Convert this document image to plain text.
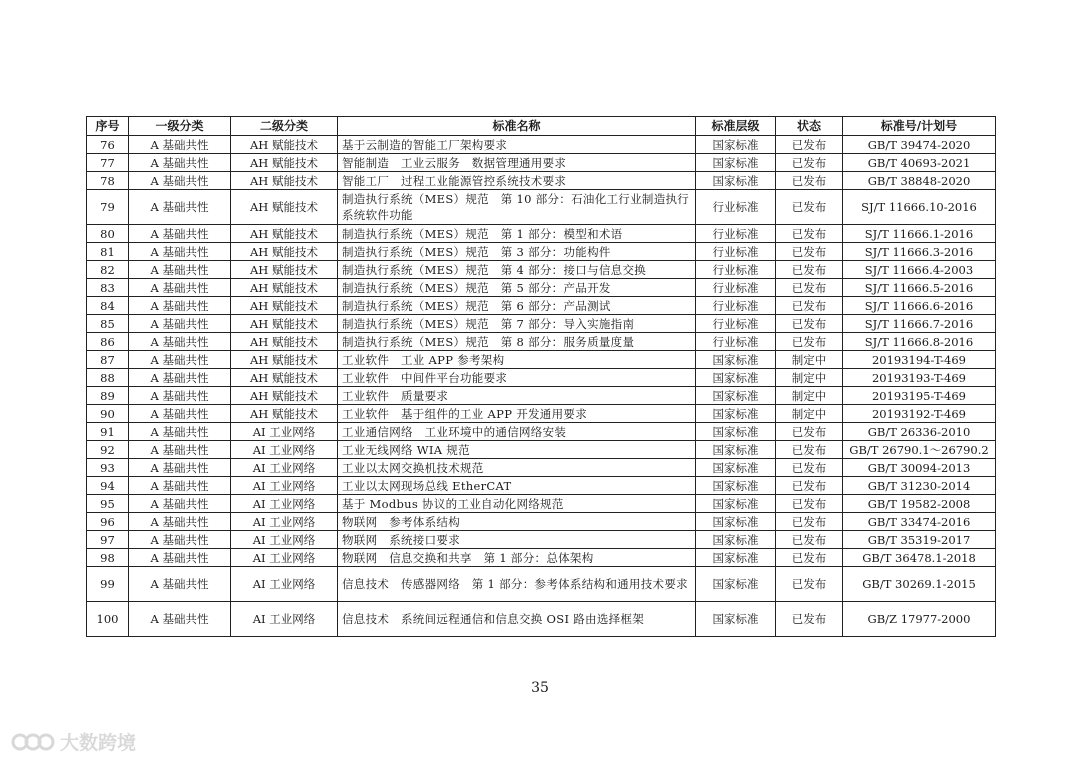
序号	一级分类	二级分类	标准名称	标准层级	状态	标准号/计划号
76	A 基础共性	AH 赋能技术	基于云制造的智能工厂架构要求	国家标准	已发布	GB/T 39474-2020
77	A 基础共性	AH 赋能技术	智能制造　工业云服务　数据管理通用要求	国家标准	已发布	GB/T 40693-2021
78	A 基础共性	AH 赋能技术	智能工厂　过程工业能源管控系统技术要求	国家标准	已发布	GB/T 38848-2020
79	A 基础共性	AH 赋能技术	制造执行系统（MES）规范　第 10 部分：石油化工行业制造执行系统软件功能	行业标准	已发布	SJ/T 11666.10-2016
80	A 基础共性	AH 赋能技术	制造执行系统（MES）规范　第 1 部分：模型和术语	行业标准	已发布	SJ/T 11666.1-2016
81	A 基础共性	AH 赋能技术	制造执行系统（MES）规范　第 3 部分：功能构件	行业标准	已发布	SJ/T 11666.3-2016
82	A 基础共性	AH 赋能技术	制造执行系统（MES）规范　第 4 部分：接口与信息交换	行业标准	已发布	SJ/T 11666.4-2003
83	A 基础共性	AH 赋能技术	制造执行系统（MES）规范　第 5 部分：产品开发	行业标准	已发布	SJ/T 11666.5-2016
84	A 基础共性	AH 赋能技术	制造执行系统（MES）规范　第 6 部分：产品测试	行业标准	已发布	SJ/T 11666.6-2016
85	A 基础共性	AH 赋能技术	制造执行系统（MES）规范　第 7 部分：导入实施指南	行业标准	已发布	SJ/T 11666.7-2016
86	A 基础共性	AH 赋能技术	制造执行系统（MES）规范　第 8 部分：服务质量度量	行业标准	已发布	SJ/T 11666.8-2016
87	A 基础共性	AH 赋能技术	工业软件　工业 APP 参考架构	国家标准	制定中	20193194-T-469
88	A 基础共性	AH 赋能技术	工业软件　中间件平台功能要求	国家标准	制定中	20193193-T-469
89	A 基础共性	AH 赋能技术	工业软件　质量要求	国家标准	制定中	20193195-T-469
90	A 基础共性	AH 赋能技术	工业软件　基于组件的工业 APP 开发通用要求	国家标准	制定中	20193192-T-469
91	A 基础共性	AI 工业网络	工业通信网络　工业环境中的通信网络安装	国家标准	已发布	GB/T 26336-2010
92	A 基础共性	AI 工业网络	工业无线网络 WIA 规范	国家标准	已发布	GB/T 26790.1～26790.2
93	A 基础共性	AI 工业网络	工业以太网交换机技术规范	国家标准	已发布	GB/T 30094-2013
94	A 基础共性	AI 工业网络	工业以太网现场总线 EtherCAT	国家标准	已发布	GB/T 31230-2014
95	A 基础共性	AI 工业网络	基于 Modbus 协议的工业自动化网络规范	国家标准	已发布	GB/T 19582-2008
96	A 基础共性	AI 工业网络	物联网　参考体系结构	国家标准	已发布	GB/T 33474-2016
97	A 基础共性	AI 工业网络	物联网　系统接口要求	国家标准	已发布	GB/T 35319-2017
98	A 基础共性	AI 工业网络	物联网　信息交换和共享　第 1 部分：总体架构	国家标准	已发布	GB/T 36478.1-2018
99	A 基础共性	AI 工业网络	信息技术　传感器网络　第 1 部分：参考体系结构和通用技术要求	国家标准	已发布	GB/T 30269.1-2015
100	A 基础共性	AI 工业网络	信息技术　系统间远程通信和信息交换 OSI 路由选择框架	国家标准	已发布	GB/Z 17977-2000
35
大数跨境
